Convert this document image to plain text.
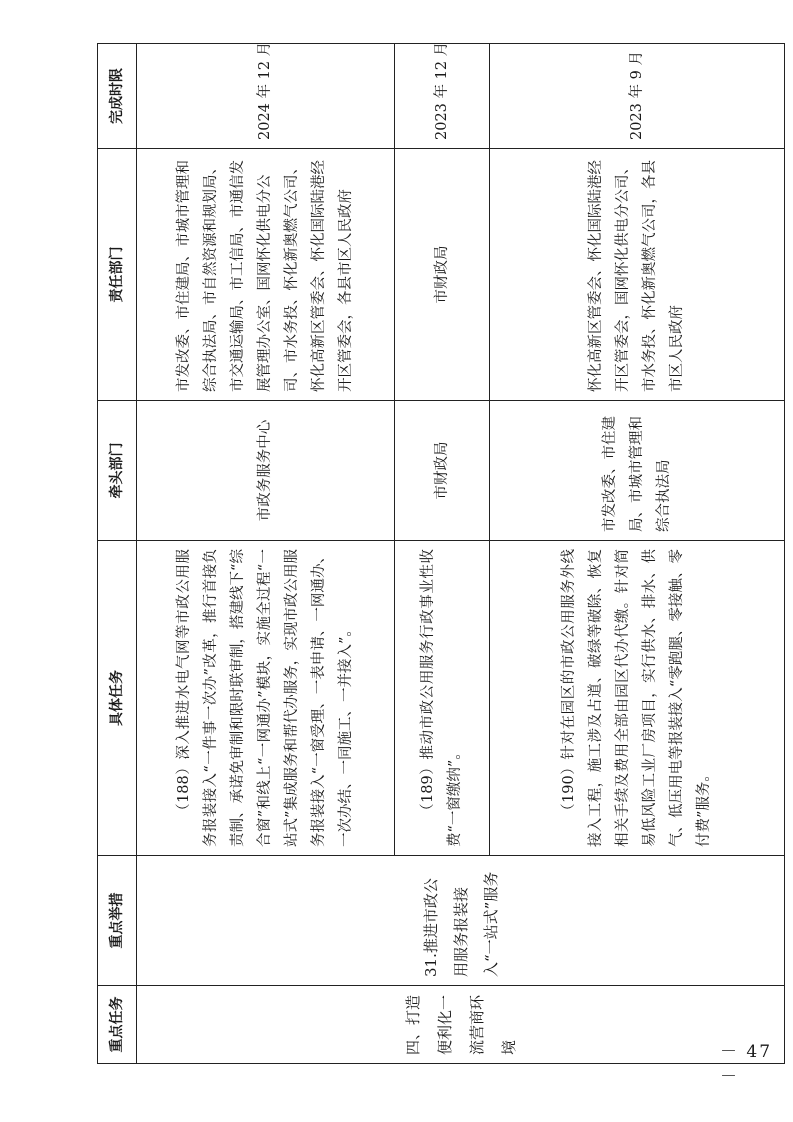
重点任务	重点举措	具体任务	牵头部门	责任部门	完成时限
四、打造便利化一流营商环境	31.推进市政公用服务报装接入“一站式”服务	（188）深入推进水电气网等市政公用服务报装接入“一件事一次办”改革，推行首接负责制、承诺免审制和限时联审制，搭建线下“综合窗”和线上“一网通办”模块，实施全过程“一站式”集成服务和帮代办服务，实现市政公用服务报装接入“一窗受理、一表申请、一网通办、一次办结、一同施工、一并接入”。	市政务服务中心	市发改委、市住建局、市城市管理和综合执法局、市自然资源和规划局、市交通运输局、市工信局、市通信发展管理办公室、国网怀化供电分公司、市水务投、怀化新奥燃气公司、怀化高新区管委会、怀化国际陆港经开区管委会，各县市区人民政府	2024 年 12 月
		（189）推动市政公用服务行政事业性收费“一窗缴纳”。	市财政局	市财政局	2023 年 12 月
		（190）针对在园区的市政公用服务外线接入工程，施工涉及占道、破绿等破除、恢复相关手续及费用全部由园区代办代缴。针对简易低风险工业厂房项目，实行供水、排水、供气、低压用电等报装接入“零跑腿、零接触、零付费”服务。	市发改委、市住建局、市城市管理和综合执法局	怀化高新区管委会、怀化国际陆港经开区管委会，国网怀化供电分公司、市水务投、怀化新奥燃气公司，各县市区人民政府	2023 年 9 月
－ 47 －
